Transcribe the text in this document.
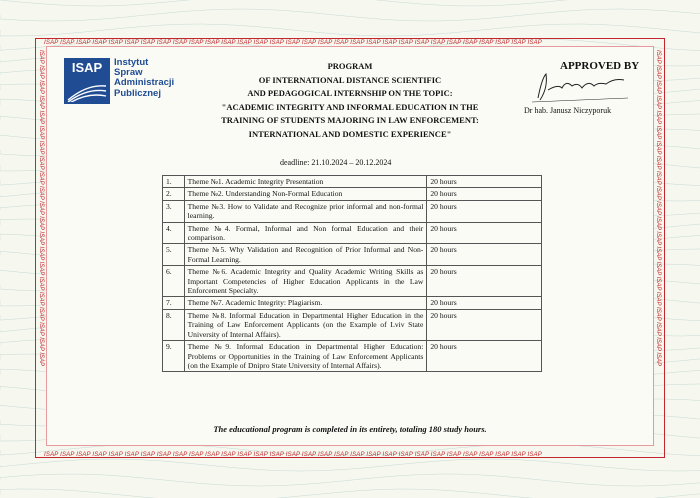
ISAP ISAP ISAP ISAP ISAP ISAP ISAP ISAP ISAP ISAP ISAP ISAP ISAP ISAP ISAP ISAP ISAP ISAP ISAP ISAP ISAP ISAP ISAP ISAP ISAP ISAP ISAP ISAP ISAP ISAP ISAP
ISAP ISAP ISAP ISAP ISAP ISAP ISAP ISAP ISAP ISAP ISAP ISAP ISAP ISAP ISAP ISAP ISAP ISAP ISAP ISAP ISAP ISAP ISAP ISAP ISAP ISAP ISAP ISAP ISAP ISAP ISAP
ISAP ISAP ISAP ISAP ISAP ISAP ISAP ISAP ISAP ISAP ISAP ISAP ISAP ISAP ISAP ISAP ISAP ISAP ISAP ISAP ISAP	ISAP ISAP ISAP ISAP ISAP ISAP ISAP ISAP ISAP ISAP ISAP ISAP ISAP ISAP ISAP ISAP ISAP ISAP ISAP ISAP ISAP
ISAP	Instytut
Spraw
Administracji
Publicznej
PROGRAM
OF INTERNATIONAL DISTANCE SCIENTIFIC
AND PEDAGOGICAL INTERNSHIP ON THE TOPIC:
"ACADEMIC INTEGRITY AND INFORMAL EDUCATION IN THE
TRAINING OF STUDENTS MAJORING IN LAW ENFORCEMENT:
INTERNATIONAL AND DOMESTIC EXPERIENCE"
APPROVED BY
Dr hab. Janusz Niczyporuk
deadline: 21.10.2024 – 20.12.2024
1.	Theme №1. Academic Integrity Presentation	20 hours
2.	Theme №2. Understanding Non-Formal Education	20 hours
3.	Theme №3. How to Validate and Recognize prior informal and non-formal learning.	20 hours
4.	Theme №4. Formal, Informal and Non formal Education and their comparison.	20 hours
5.	Theme №5. Why Validation and Recognition of Prior Informal and Non-Formal Learning.	20 hours
6.	Theme №6. Academic Integrity and Quality Academic Writing Skills as Important Competencies of Higher Education Applicants in the Law Enforcement Specialty.	20 hours
7.	Theme №7. Academic Integrity: Plagiarism.	20 hours
8.	Theme №8. Informal Education in Departmental Higher Education in the Training of Law Enforcement Applicants (on the Example of Lviv State University of Internal Affairs).	20 hours
9.	Theme №9. Informal Education in Departmental Higher Education: Problems or Opportunities in the Training of Law Enforcement Applicants (on the Example of Dnipro State University of Internal Affairs).	20 hours
The educational program is completed in its entirety, totaling 180 study hours.
